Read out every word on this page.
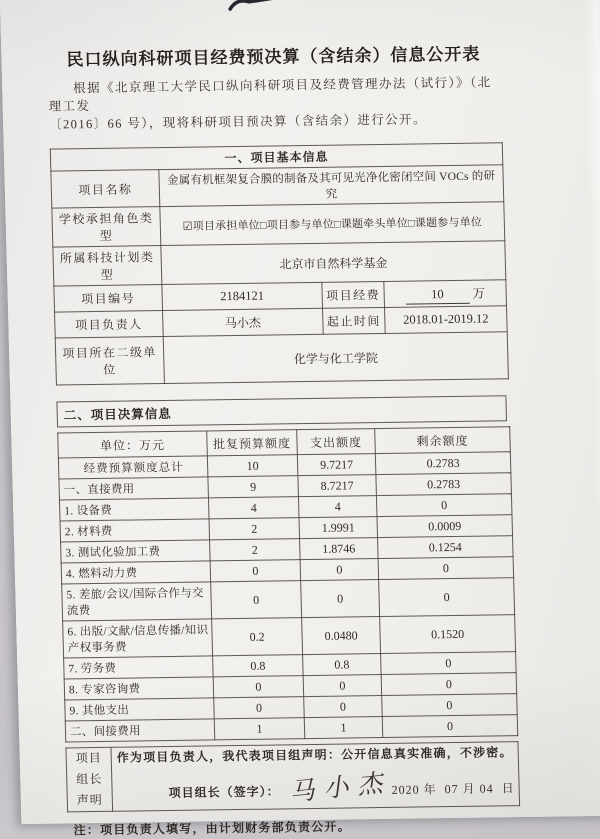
民口纵向科研项目经费预决算（含结余）信息公开表

根据《北京理工大学民口纵向科研项目及经费管理办法（试行）》（北理工发

〔2016〕66 号），现将科研项目预决算（含结余）进行公开。

一、项目基本信息			
项目名称	金属有机框架复合膜的制备及其可见光净化密闭空间 VOCs 的研究		
学校承担角色类型	☑项目承担单位□项目参与单位□课题牵头单位□课题参与单位		
所属科技计划类型	北京市自然科学基金		
项目编号	2184121	项目经费	10 万
项目负责人	马小杰	起止时间	2018.01-2019.12
项目所在二级单位	化学与化工学院		
二、项目决算信息
单位：万元	批复预算额度	支出额度	剩余额度
经费预算额度总计	10	9.7217	0.2783
一、直接费用	9	8.7217	0.2783
1. 设备费	4	4	0
2. 材料费	2	1.9991	0.0009
3. 测试化验加工费	2	1.8746	0.1254
4. 燃料动力费	0	0	0
5. 差旅/会议/国际合作与交流费	0	0	0
6. 出版/文献/信息传播/知识产权事务费	0.2	0.0480	0.1520
7. 劳务费	0.8	0.8	0
8. 专家咨询费	0	0	0
9. 其他支出	0	0	0
二、间接费用	1	1	0
项目
组长
声明

作为项目负责人，我代表项目组声明：公开信息真实准确，不涉密。

项目组长（签字）： 马小杰
2020 年  07 月 04  日

注：项目负责人填写，由计划财务部负责公开。
